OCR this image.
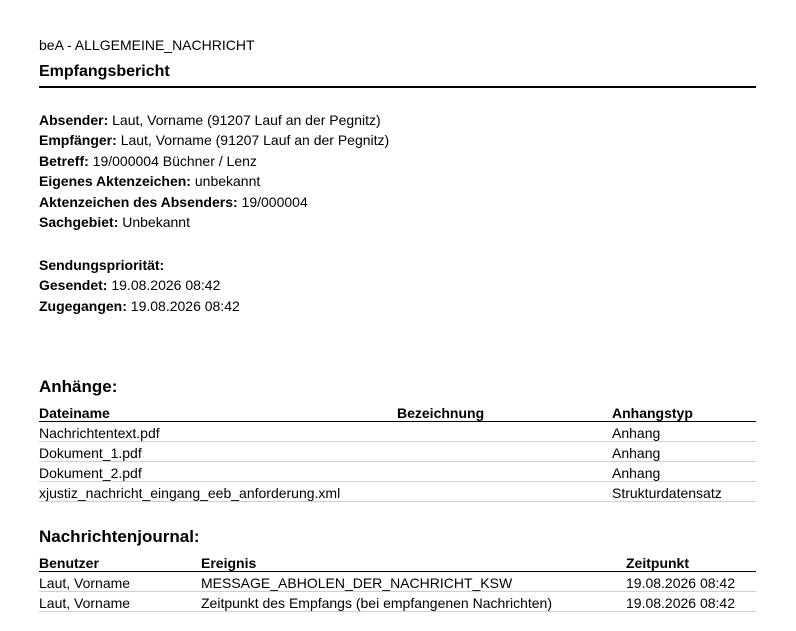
beA - ALLGEMEINE_NACHRICHT
Empfangsbericht
Absender: Laut, Vorname (91207 Lauf an der Pegnitz)
Empfänger: Laut, Vorname (91207 Lauf an der Pegnitz)
Betreff: 19/000004 Büchner / Lenz
Eigenes Aktenzeichen: unbekannt
Aktenzeichen des Absenders: 19/000004
Sachgebiet: Unbekannt
Sendungspriorität:
Gesendet: 19.08.2026 08:42
Zugegangen: 19.08.2026 08:42
Anhänge:
Dateiname	Bezeichnung	Anhangstyp
Nachrichtentext.pdf		Anhang
Dokument_1.pdf		Anhang
Dokument_2.pdf		Anhang
xjustiz_nachricht_eingang_eeb_anforderung.xml		Strukturdatensatz
Nachrichtenjournal:
Benutzer	Ereignis	Zeitpunkt
Laut, Vorname	MESSAGE_ABHOLEN_DER_NACHRICHT_KSW	19.08.2026 08:42
Laut, Vorname	Zeitpunkt des Empfangs (bei empfangenen Nachrichten)	19.08.2026 08:42
